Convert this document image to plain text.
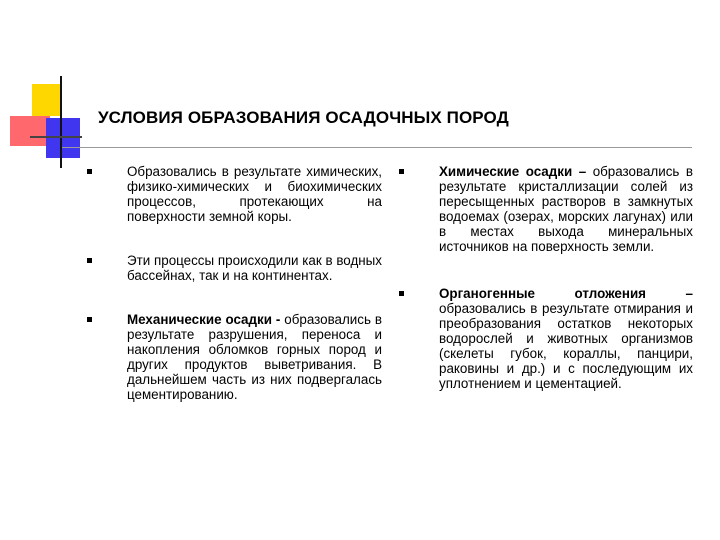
УСЛОВИЯ ОБРАЗОВАНИЯ ОСАДОЧНЫХ ПОРОД
Образовались в результате химических, физико-химических и биохимических процессов, протекающих на поверхности земной коры.
Эти процессы происходили как в водных бассейнах, так и на континентах.
Механические осадки - образовались в результате разрушения, переноса и накопления обломков горных пород и других продуктов выветривания. В дальнейшем часть из них подвергалась цементированию.
Химические осадки – образовались в результате кристаллизации солей из пересыщенных растворов в замкнутых водоемах (озерах, морских лагунах) или в местах выхода минеральных источников на поверхность земли.
Органогенные отложения – образовались в результате отмирания и преобразования остатков некоторых водорослей и животных организмов (скелеты губок, кораллы, панцири, раковины и др.) и с последующим их уплотнением и цементацией.
